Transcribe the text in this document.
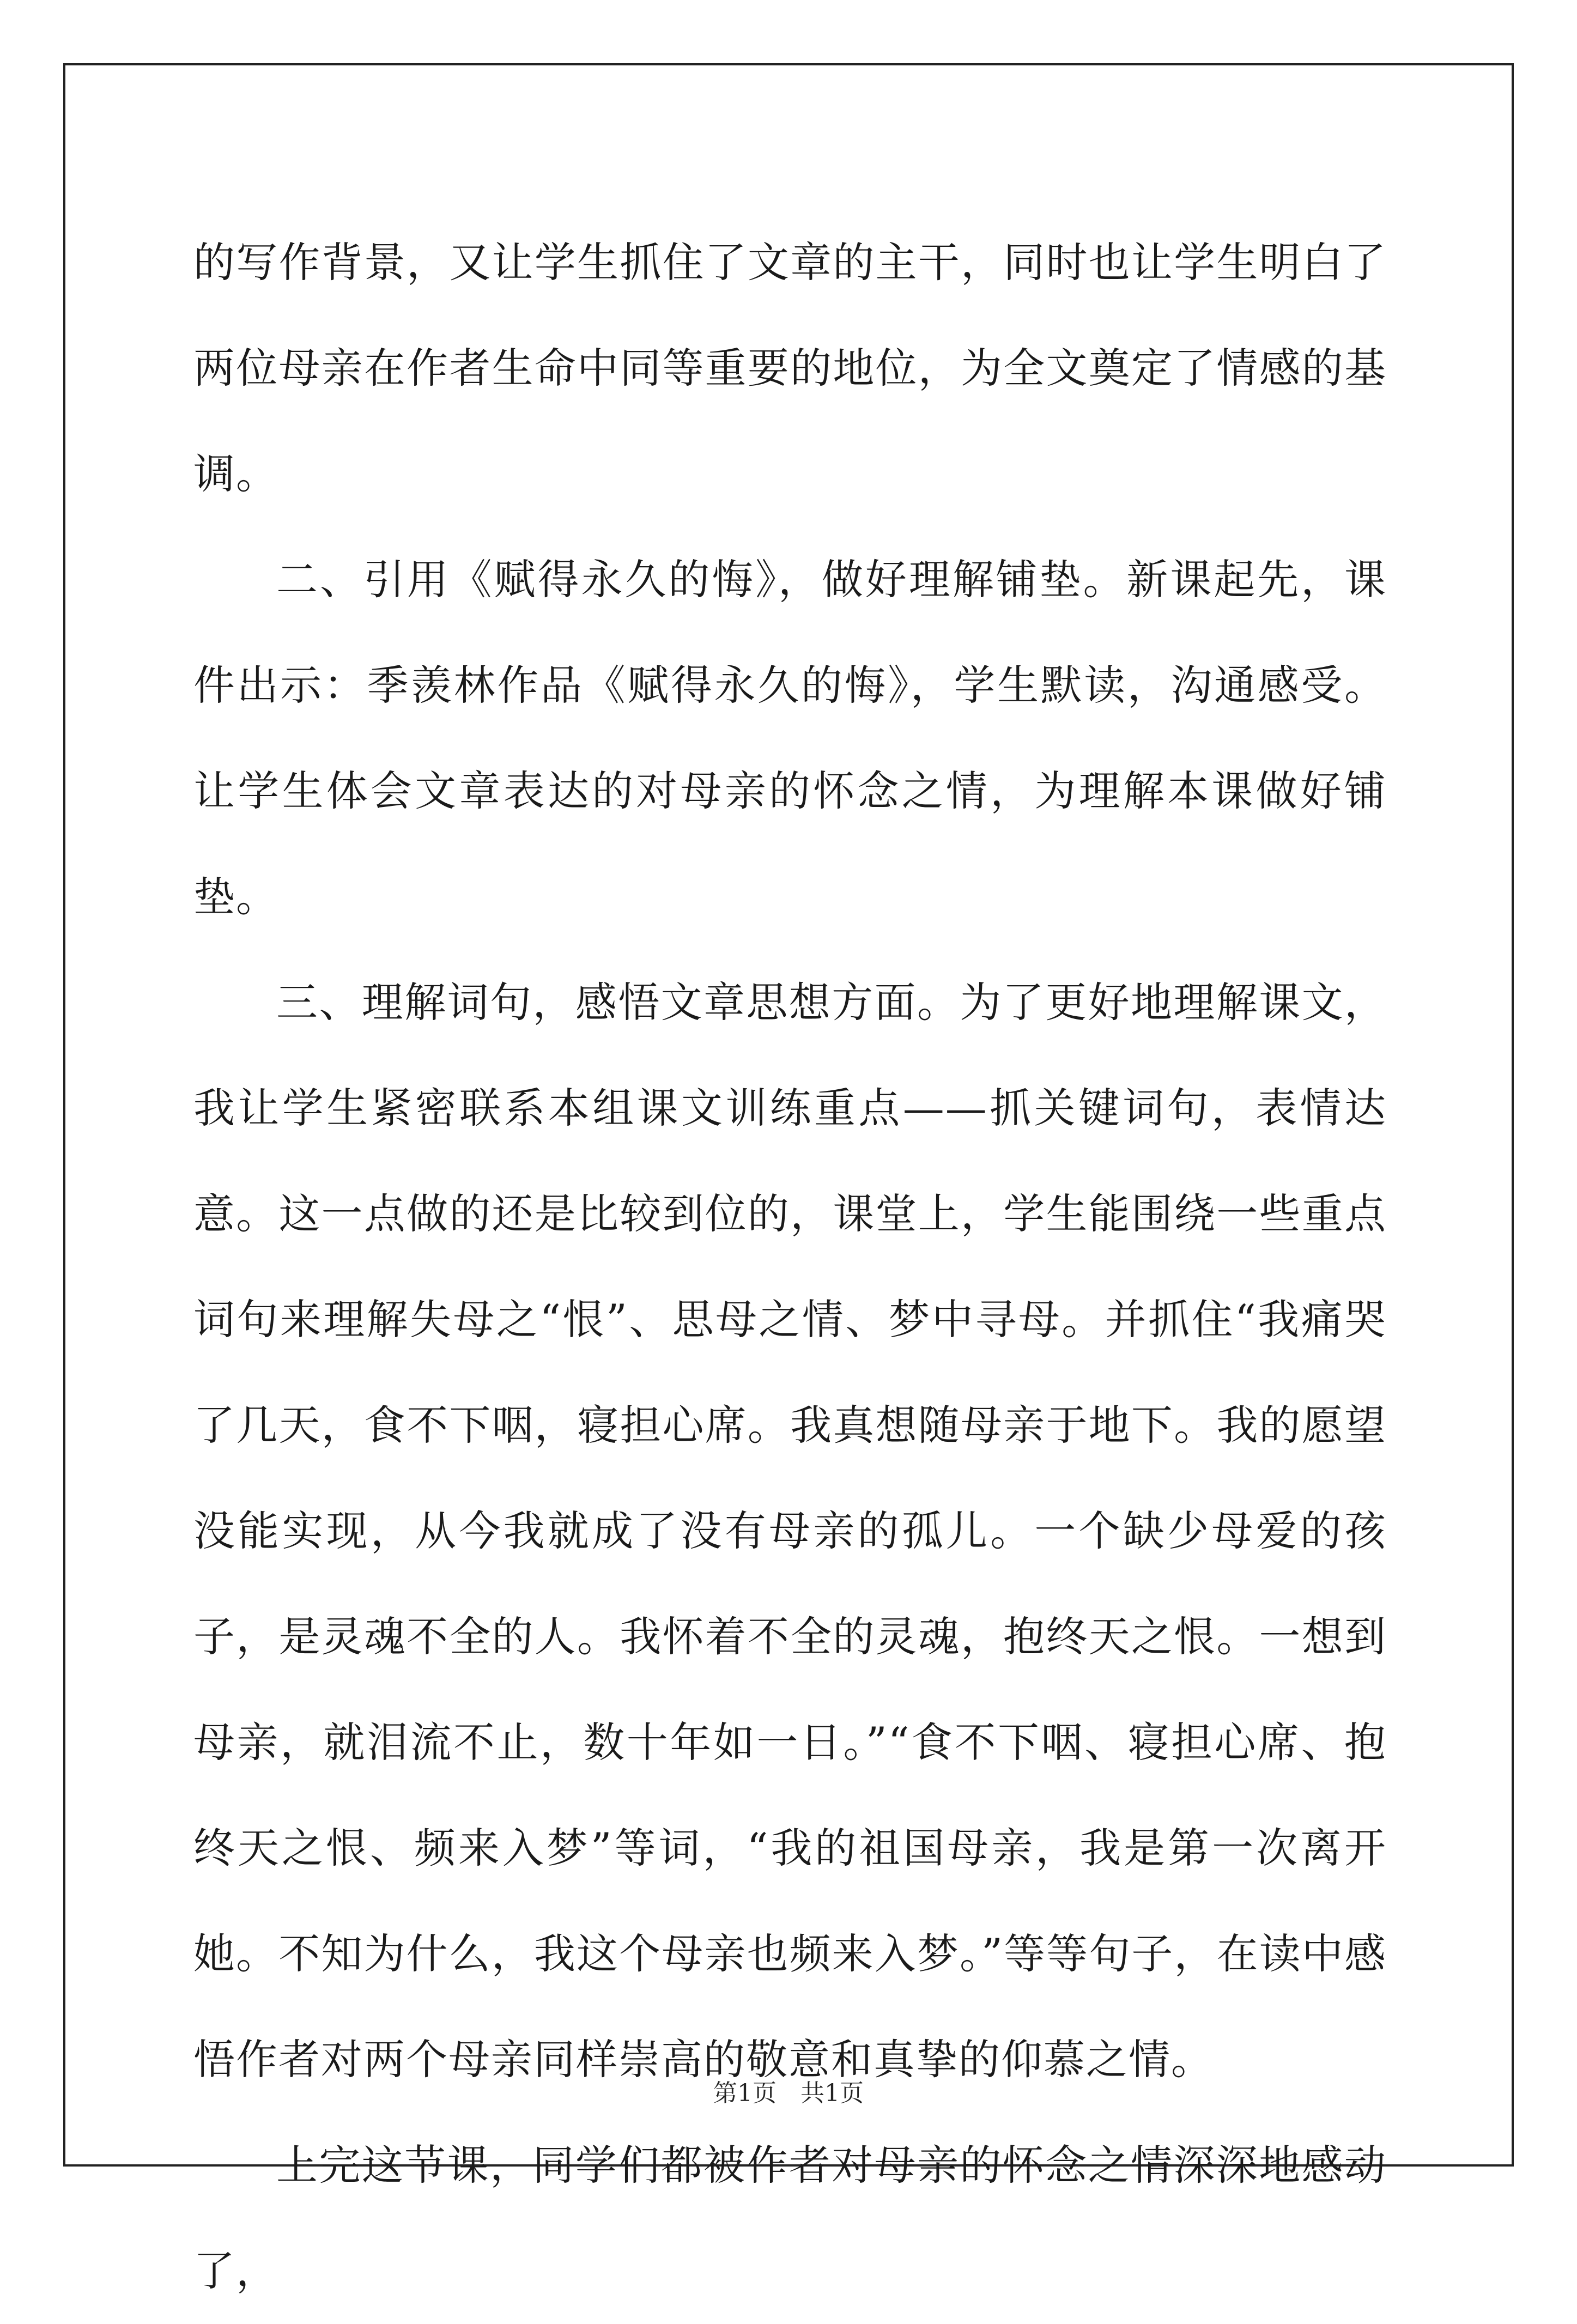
的写作背景，又让学生抓住了文章的主干，同时也让学生明白了两位母亲在作者生命中同等重要的地位，为全文奠定了情感的基调。

二、引用《赋得永久的悔》，做好理解铺垫。新课起先，课件出示：季羡林作品《赋得永久的悔》，学生默读，沟通感受。让学生体会文章表达的对母亲的怀念之情，为理解本课做好铺垫。

三、理解词句，感悟文章思想方面。为了更好地理解课文，我让学生紧密联系本组课文训练重点——抓关键词句，表情达意。这一点做的还是比较到位的，课堂上，学生能围绕一些重点词句来理解失母之“恨”、思母之情、梦中寻母。并抓住“我痛哭了几天，食不下咽，寝担心席。我真想随母亲于地下。我的愿望没能实现，从今我就成了没有母亲的孤儿。一个缺少母爱的孩子，是灵魂不全的人。我怀着不全的灵魂，抱终天之恨。一想到母亲，就泪流不止，数十年如一日。”“食不下咽、寝担心席、抱终天之恨、频来入梦”等词，“我的祖国母亲，我是第一次离开她。不知为什么，我这个母亲也频来入梦。”等等句子，在读中感悟作者对两个母亲同样崇高的敬意和真挚的仰慕之情。

上完这节课，同学们都被作者对母亲的怀念之情深深地感动了，

第1页　共1页
